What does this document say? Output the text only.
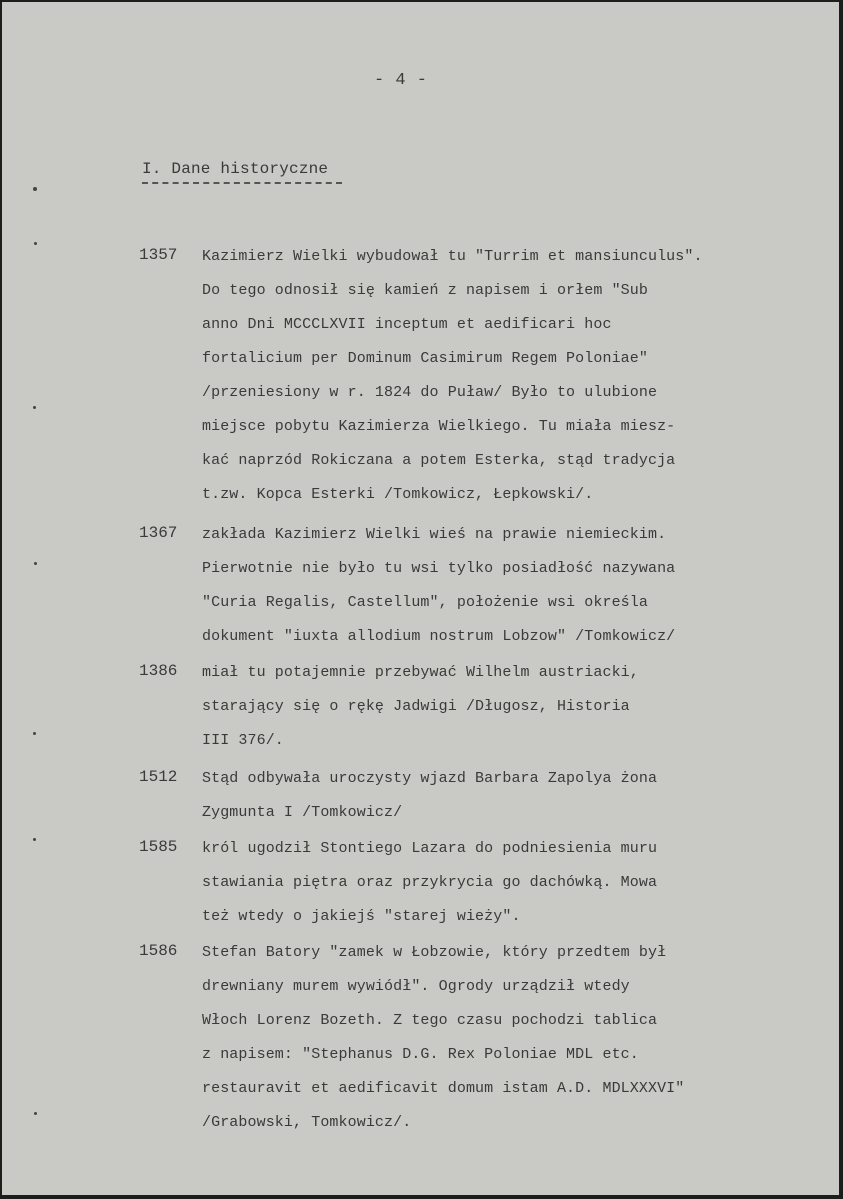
- 4 -
I. Dane historyczne
1357 Kazimierz Wielki wybudował tu "Turrim et mansiunculus".
Do tego odnosił się kamień z napisem i orłem "Sub
anno Dni MCCCLXVII inceptum et aedificari hoc
fortalicium per Dominum Casimirum Regem Poloniae"
/przeniesiony w r. 1824 do Puław/ Było to ulubione
miejsce pobytu Kazimierza Wielkiego. Tu miała miesz-
kać naprzód Rokiczana a potem Esterka, stąd tradycja
t.zw. Kopca Esterki /Tomkowicz, Łepkowski/.
1367 zakłada Kazimierz Wielki wieś na prawie niemieckim.
Pierwotnie nie było tu wsi tylko posiadłość nazywana
"Curia Regalis, Castellum", położenie wsi określa
dokument "iuxta allodium nostrum Lobzow" /Tomkowicz/
1386 miał tu potajemnie przebywać Wilhelm austriacki,
starający się o rękę Jadwigi /Długosz, Historia
III 376/.
1512 Stąd odbywała uroczysty wjazd Barbara Zapolya żona
Zygmunta I /Tomkowicz/
1585 król ugodził Stontiego Lazara do podniesienia muru
stawiania piętra oraz przykrycia go dachówką. Mowa
też wtedy o jakiejś "starej wieży".
1586 Stefan Batory "zamek w Łobzowie, który przedtem był
drewniany murem wywiódł". Ogrody urządził wtedy
Włoch Lorenz Bozeth. Z tego czasu pochodzi tablica
z napisem: "Stephanus D.G. Rex Poloniae MDL etc.
restauravit et aedificavit domum istam A.D. MDLXXXVI"
/Grabowski, Tomkowicz/.
